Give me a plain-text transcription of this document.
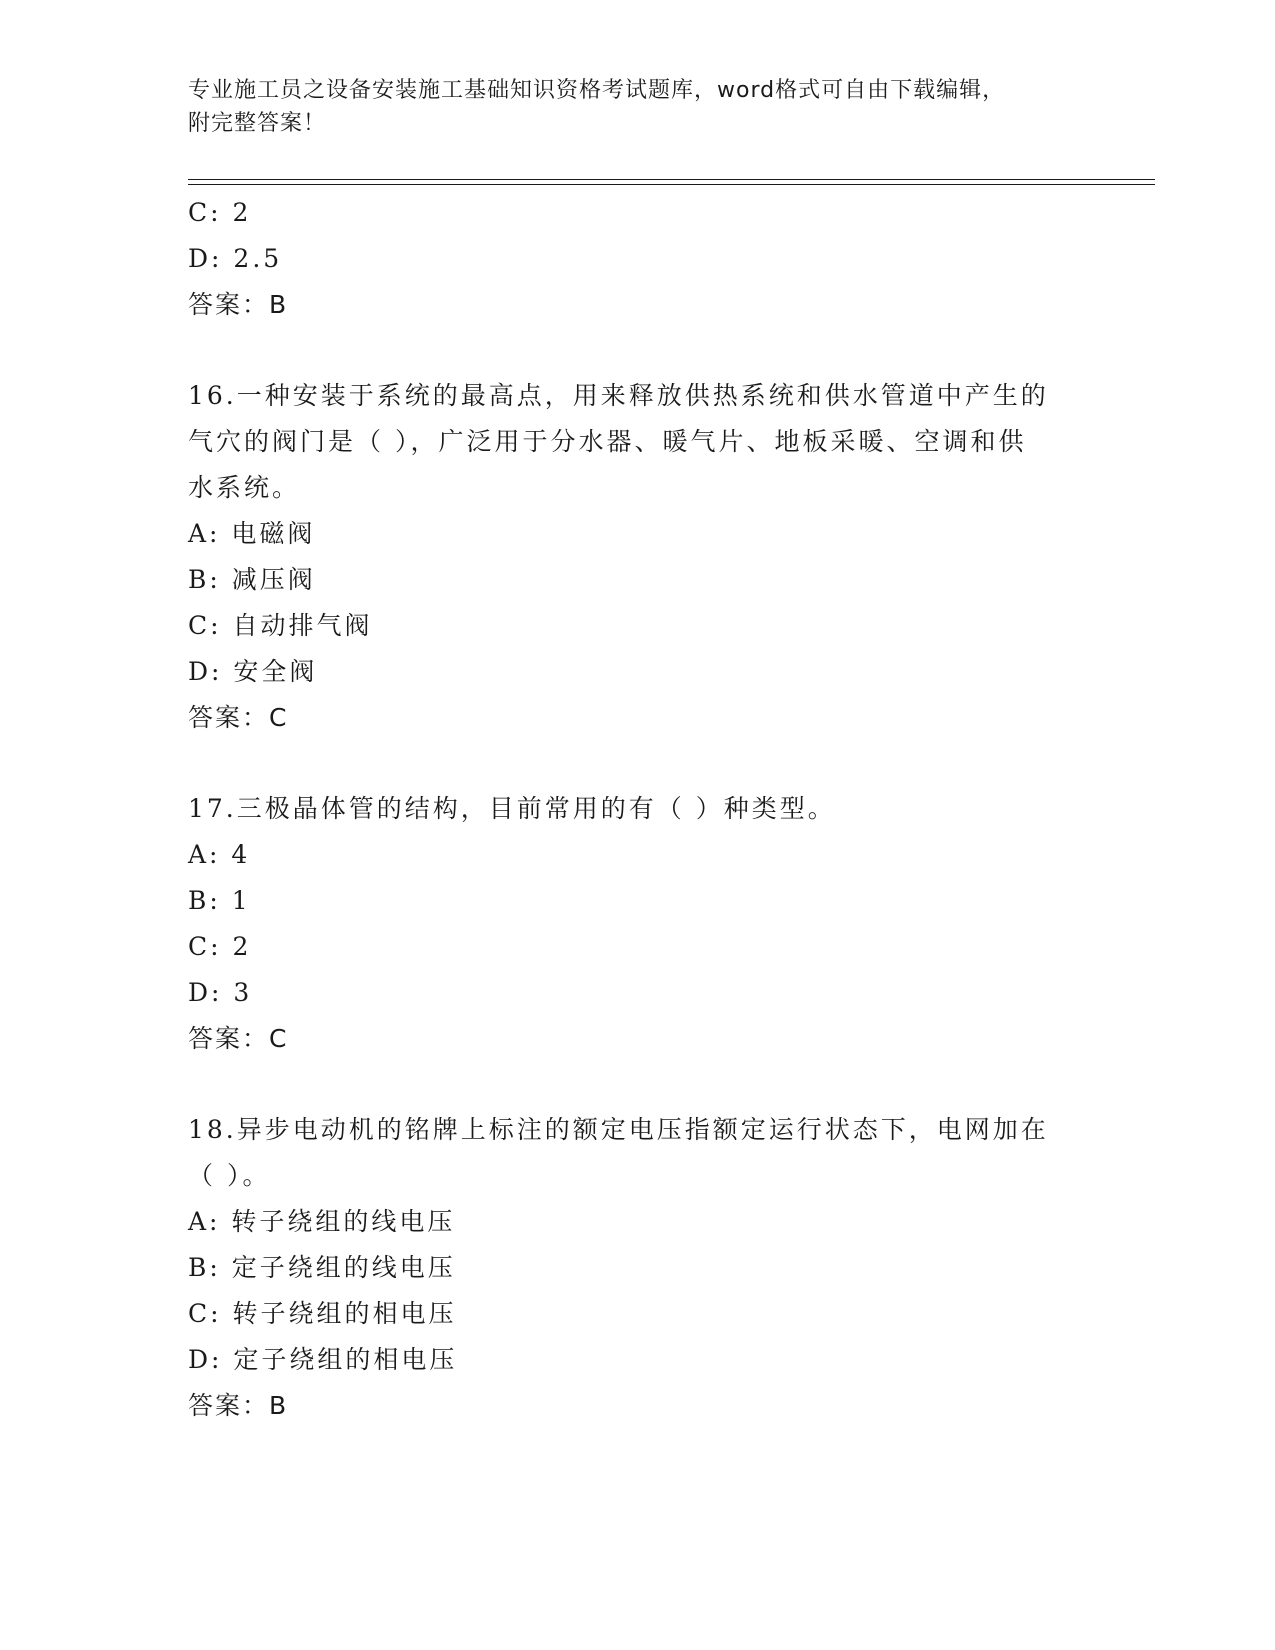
专业施工员之设备安装施工基础知识资格考试题库，word格式可自由下载编辑，
附完整答案！
C: 2
D: 2.5
答案：B
16.一种安装于系统的最高点，用来释放供热系统和供水管道中产生的
气穴的阀门是（ ），广泛用于分水器、暖气片、地板采暖、空调和供
水系统。
A: 电磁阀
B: 减压阀
C: 自动排气阀
D: 安全阀
答案：C
17.三极晶体管的结构，目前常用的有（ ）种类型。
A: 4
B: 1
C: 2
D: 3
答案：C
18.异步电动机的铭牌上标注的额定电压指额定运行状态下，电网加在
（ ）。
A: 转子绕组的线电压
B: 定子绕组的线电压
C: 转子绕组的相电压
D: 定子绕组的相电压
答案：B
